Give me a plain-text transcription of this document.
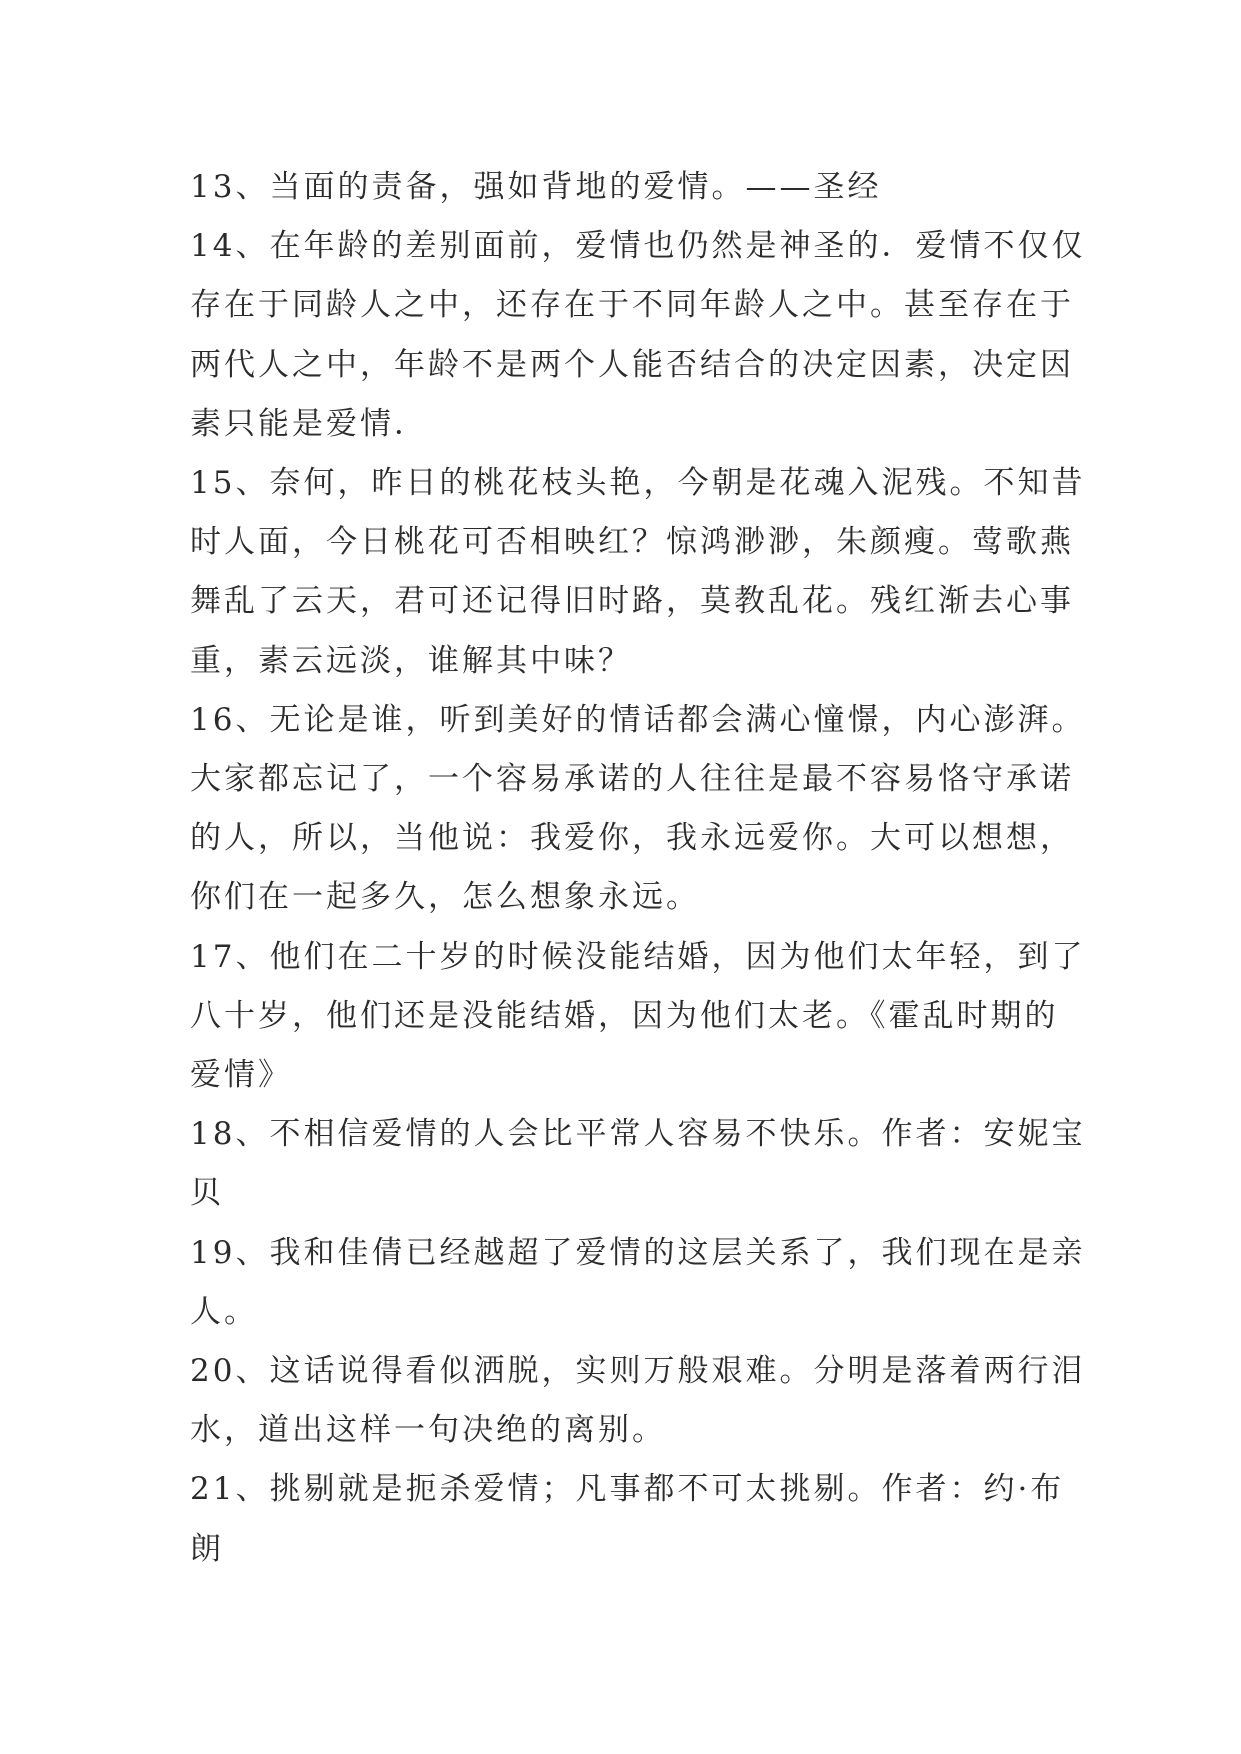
13、当面的责备，强如背地的爱情。——圣经

14、在年龄的差别面前，爱情也仍然是神圣的．爱情不仅仅
存在于同龄人之中，还存在于不同年龄人之中。甚至存在于
两代人之中，年龄不是两个人能否结合的决定因素，决定因
素只能是爱情．

15、奈何，昨日的桃花枝头艳，今朝是花魂入泥残。不知昔
时人面，今日桃花可否相映红？惊鸿渺渺，朱颜瘦。莺歌燕
舞乱了云天，君可还记得旧时路，莫教乱花。残红渐去心事
重，素云远淡，谁解其中味？

16、无论是谁，听到美好的情话都会满心憧憬，内心澎湃。
大家都忘记了，一个容易承诺的人往往是最不容易恪守承诺
的人，所以，当他说：我爱你，我永远爱你。大可以想想，
你们在一起多久，怎么想象永远。

17、他们在二十岁的时候没能结婚，因为他们太年轻，到了
八十岁，他们还是没能结婚，因为他们太老。《霍乱时期的
爱情》

18、不相信爱情的人会比平常人容易不快乐。作者：安妮宝
贝

19、我和佳倩已经越超了爱情的这层关系了，我们现在是亲
人。

20、这话说得看似洒脱，实则万般艰难。分明是落着两行泪
水，道出这样一句决绝的离别。

21、挑剔就是扼杀爱情；凡事都不可太挑剔。作者：约·布
朗
